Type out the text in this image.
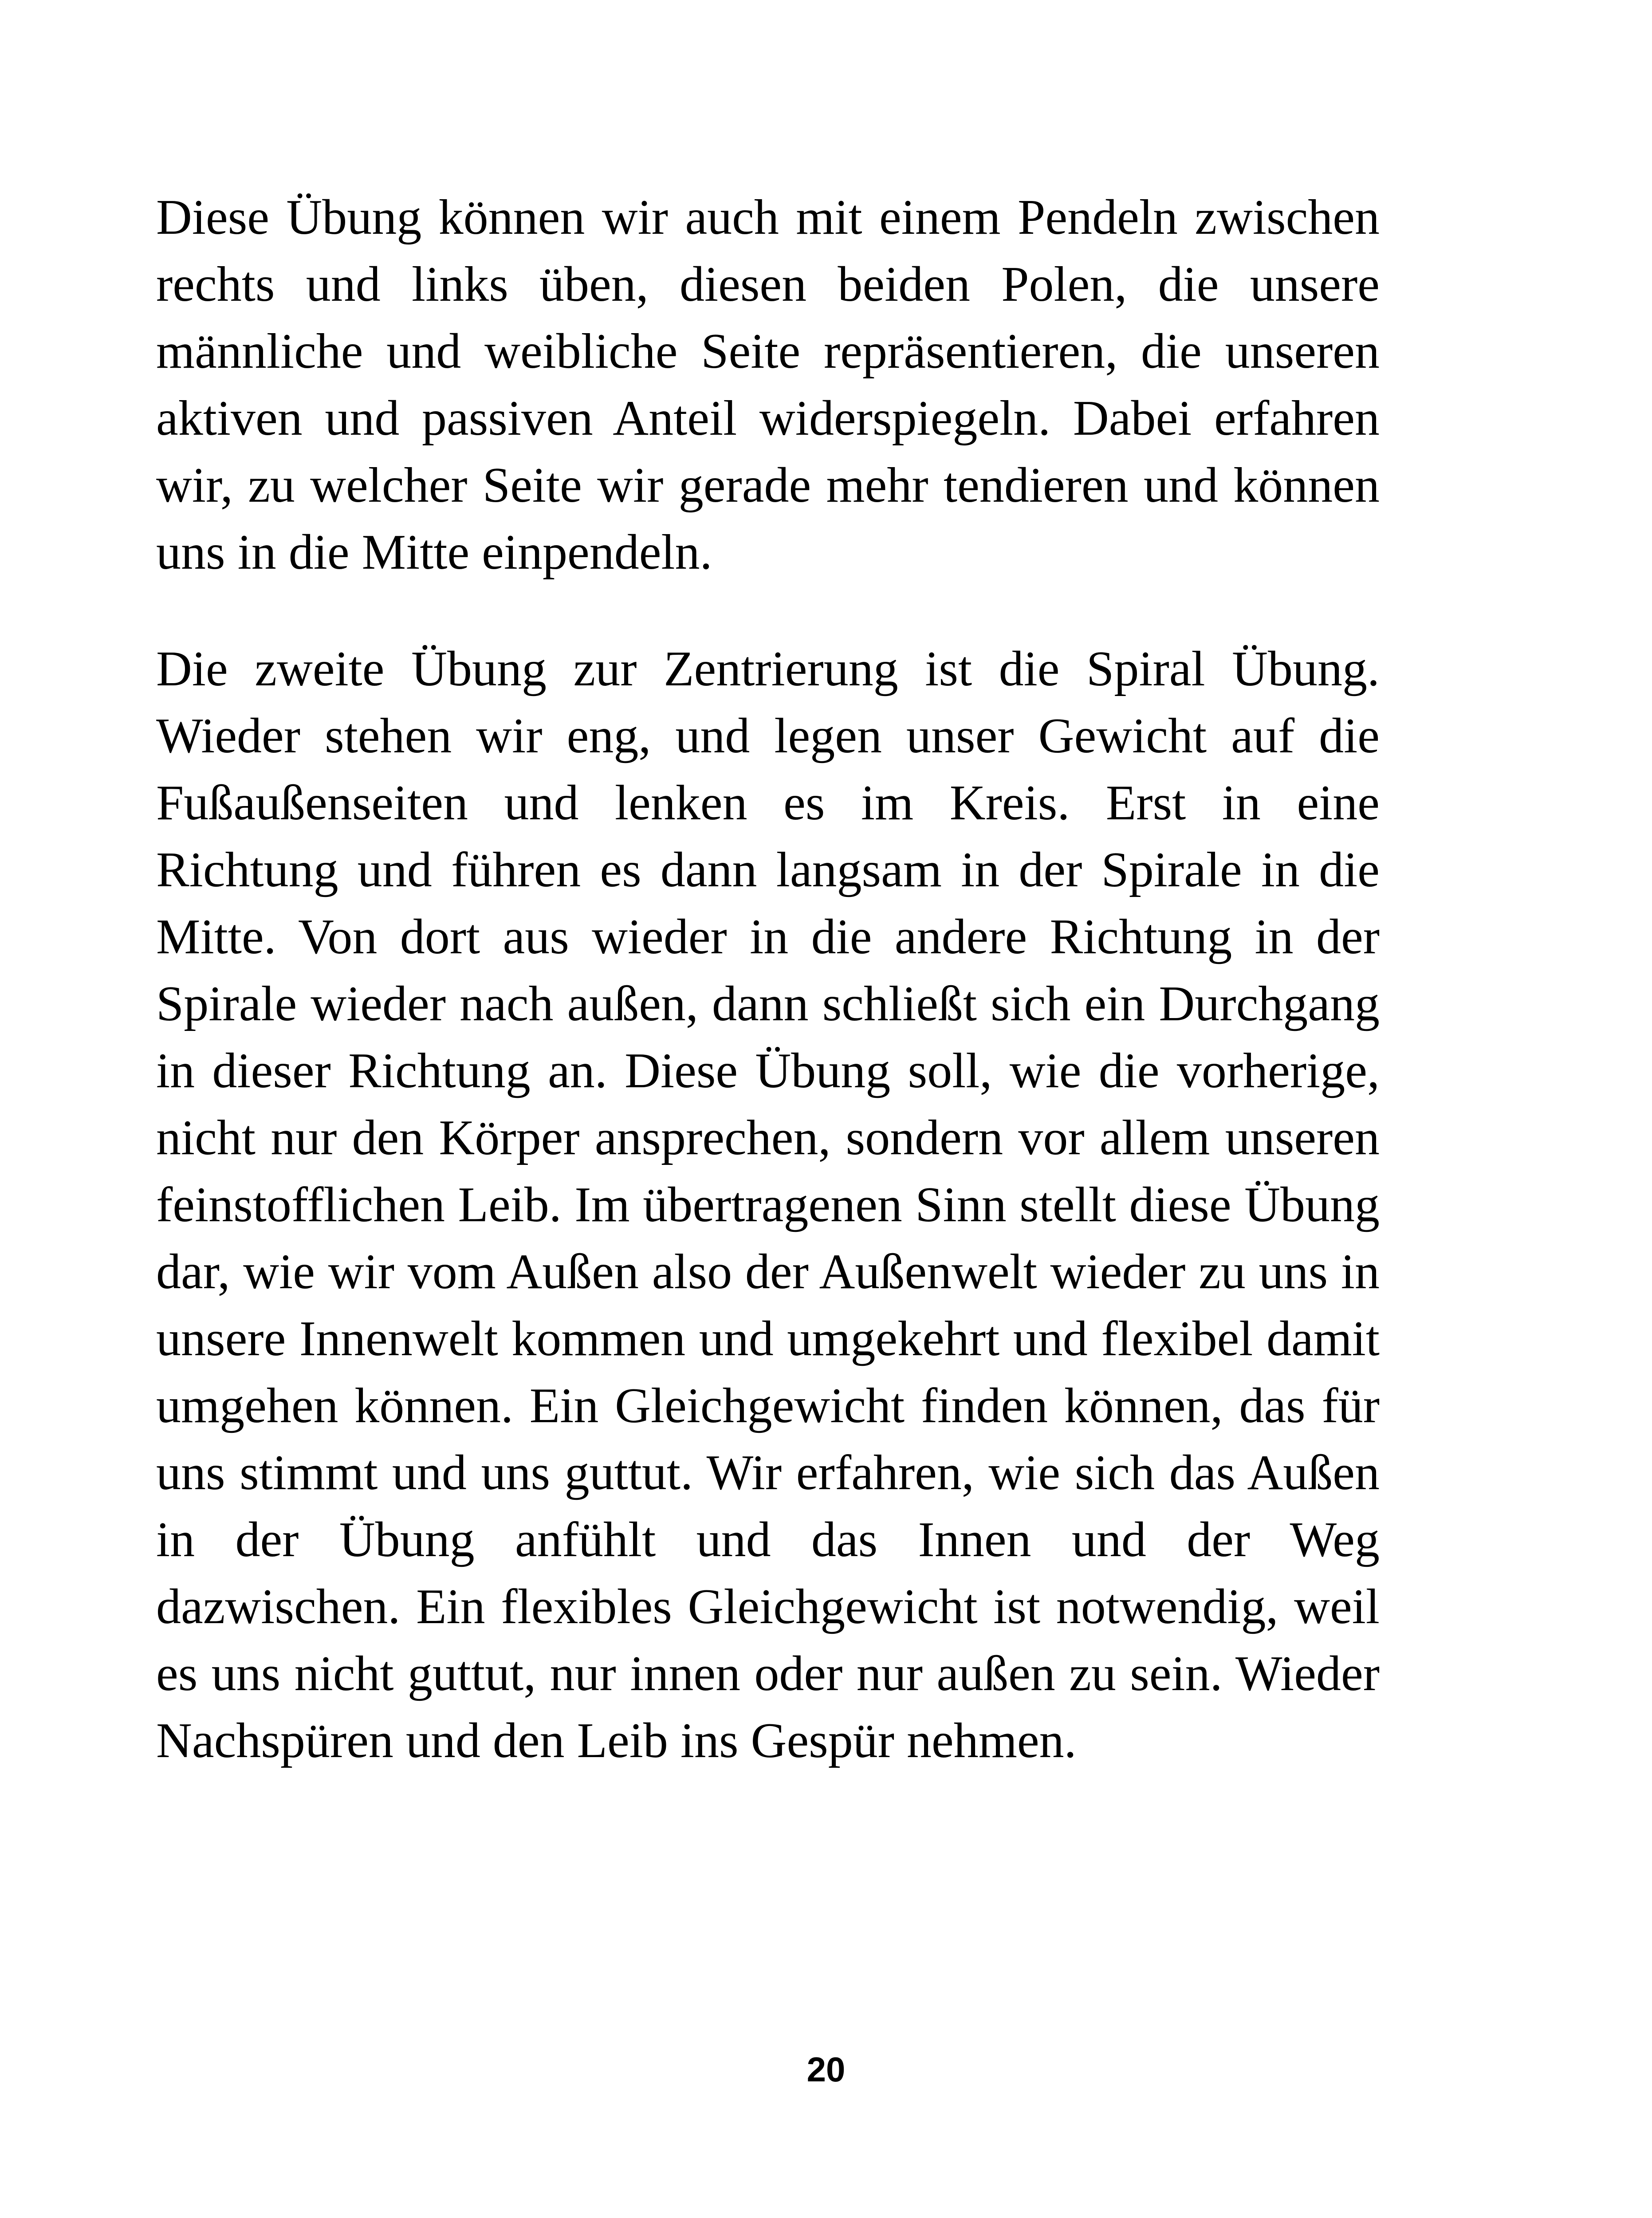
Diese Übung können wir auch mit einem Pendeln zwischen rechts und links üben, diesen beiden Polen, die unsere männliche und weibliche Seite repräsentieren, die unseren aktiven und passiven Anteil widerspiegeln. Dabei erfahren wir, zu welcher Seite wir gerade mehr tendieren und können uns in die Mitte einpendeln.

Die zweite Übung zur Zentrierung ist die Spiral Übung. Wieder stehen wir eng, und legen unser Gewicht auf die Fußaußenseiten und lenken es im Kreis. Erst in eine Richtung und führen es dann langsam in der Spirale in die Mitte. Von dort aus wieder in die andere Richtung in der Spirale wieder nach außen, dann schließt sich ein Durchgang in dieser Richtung an. Diese Übung soll, wie die vorherige, nicht nur den Körper ansprechen, sondern vor allem unseren feinstofflichen Leib. Im übertragenen Sinn stellt diese Übung dar, wie wir vom Außen also der Außenwelt wieder zu uns in unsere Innenwelt kommen und umgekehrt und flexibel damit umgehen können. Ein Gleichgewicht finden können, das für uns stimmt und uns guttut. Wir erfahren, wie sich das Außen in der Übung anfühlt und das Innen und der Weg dazwischen. Ein flexibles Gleichgewicht ist notwendig, weil es uns nicht guttut, nur innen oder nur außen zu sein. Wieder Nachspüren und den Leib ins Gespür nehmen.

20
